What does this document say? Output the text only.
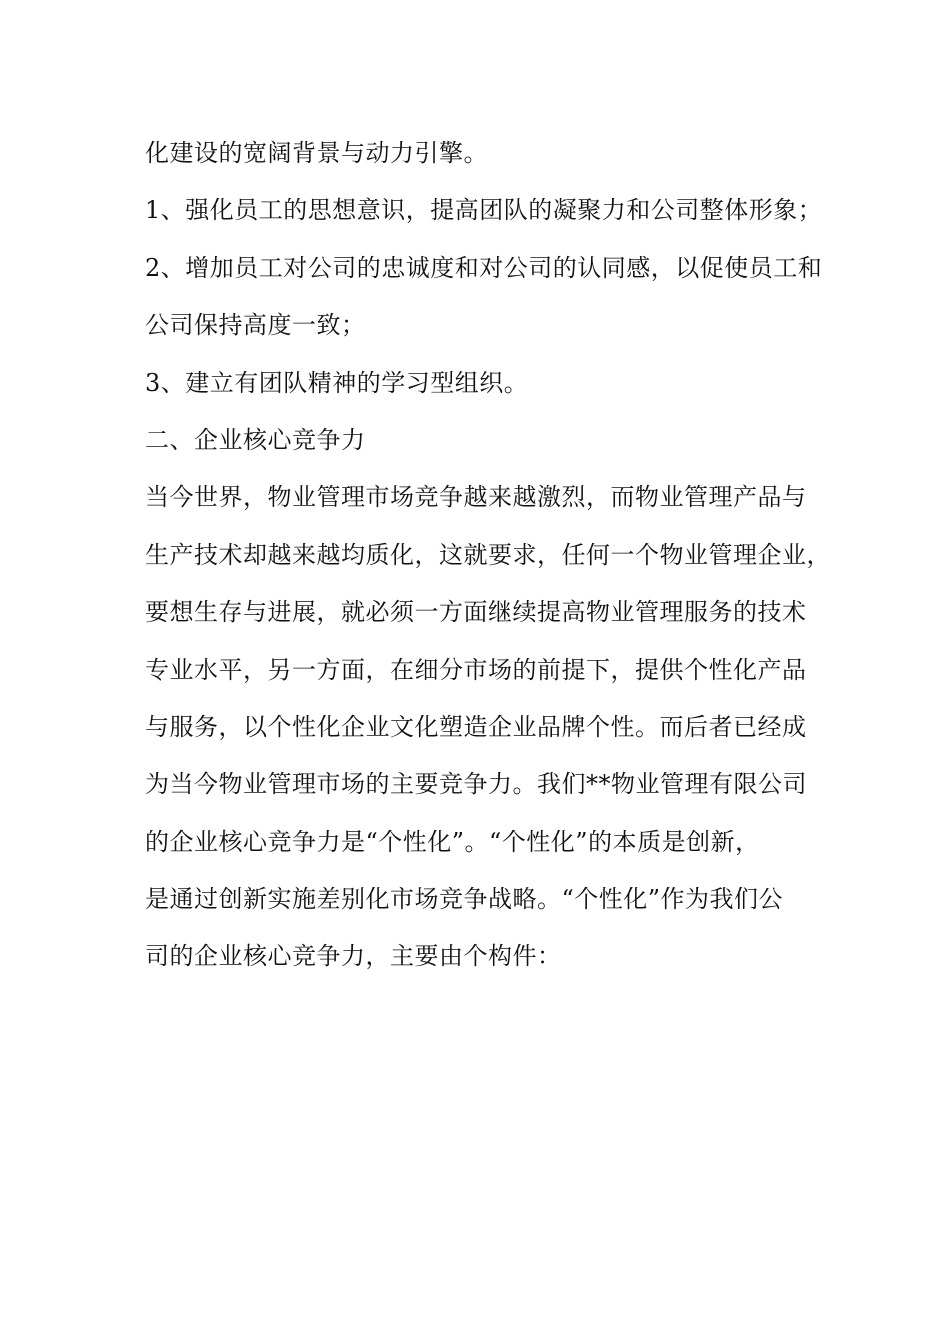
化建设的宽阔背景与动力引擎。
1、强化员工的思想意识，提高团队的凝聚力和公司整体形象；
2、增加员工对公司的忠诚度和对公司的认同感，以促使员工和
公司保持高度一致；
3、建立有团队精神的学习型组织。
二、企业核心竞争力
当今世界，物业管理市场竞争越来越激烈，而物业管理产品与
生产技术却越来越均质化，这就要求，任何一个物业管理企业，
要想生存与进展，就必须一方面继续提高物业管理服务的技术
专业水平，另一方面，在细分市场的前提下，提供个性化产品
与服务，以个性化企业文化塑造企业品牌个性。而后者已经成
为当今物业管理市场的主要竞争力。我们**物业管理有限公司
的企业核心竞争力是“个性化”。“个性化”的本质是创新，
是通过创新实施差别化市场竞争战略。“个性化”作为我们公
司的企业核心竞争力，主要由个构件：
